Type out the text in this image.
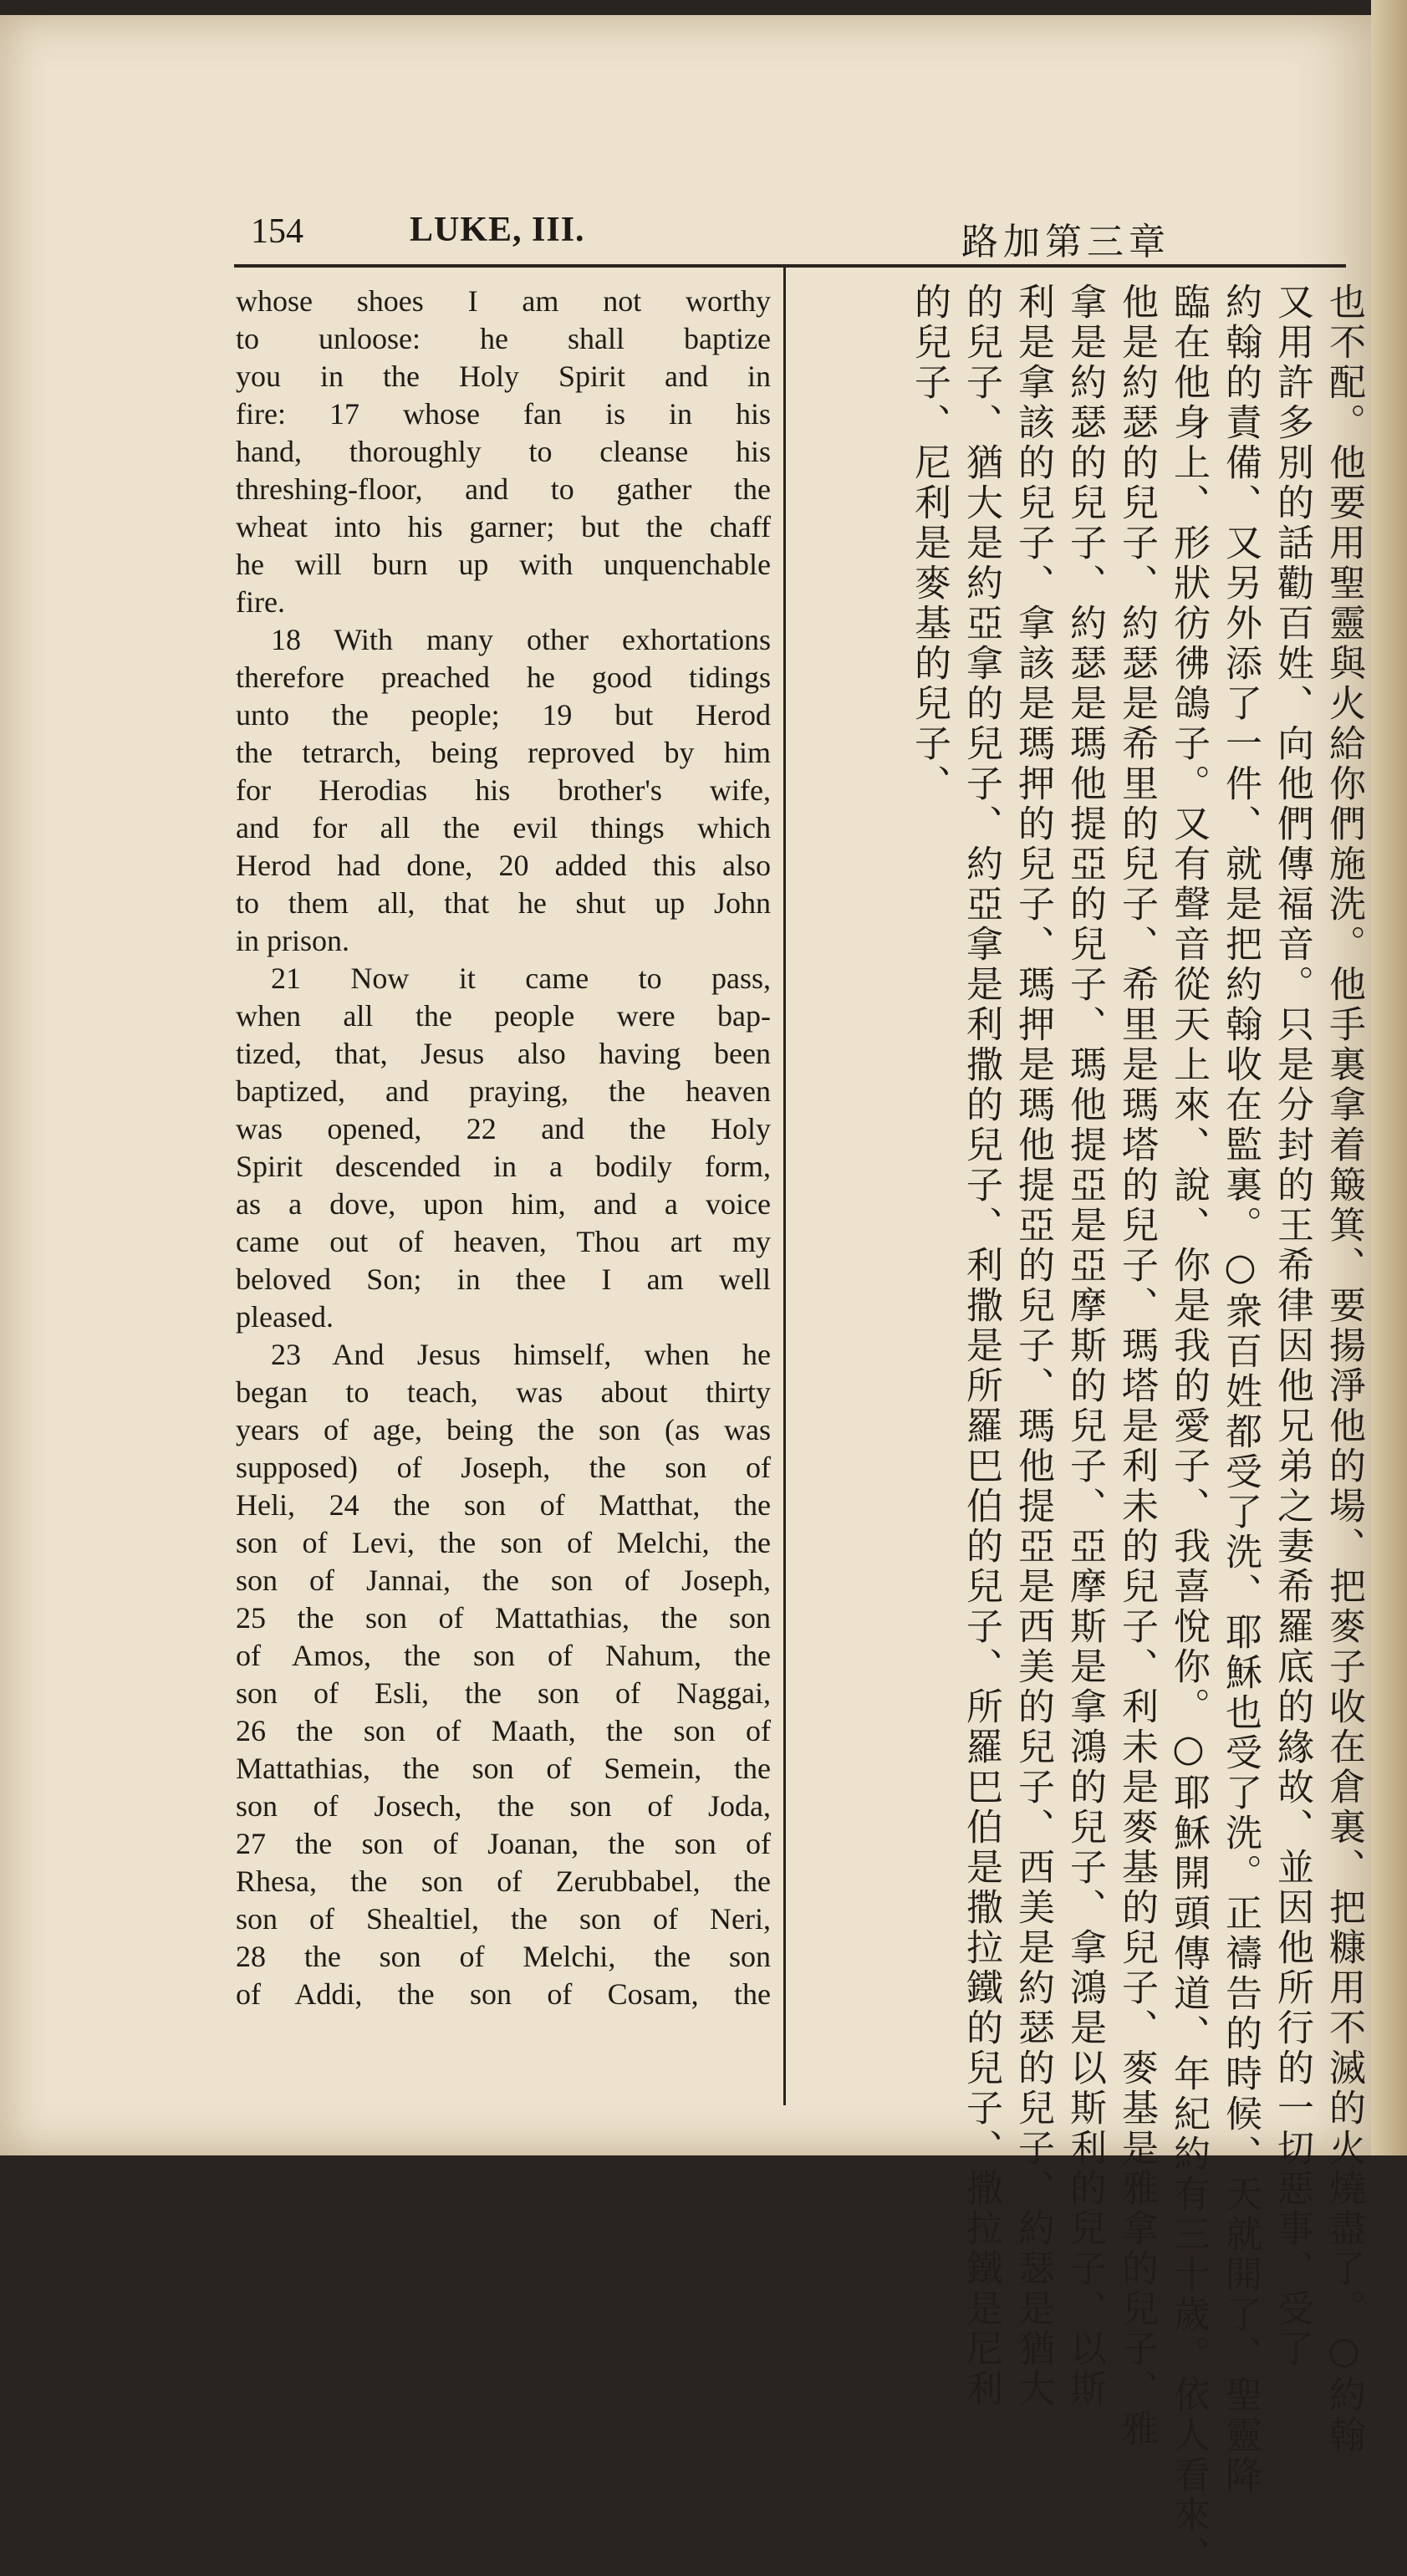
154	LUKE, III.	路加第三章
whose shoes I am not worthy
to unloose: he shall baptize
you in the Holy Spirit and in
fire: 17 whose fan is in his
hand, thoroughly to cleanse his
threshing-floor, and to gather the
wheat into his garner; but the chaff
he will burn up with unquenchable
fire.
18 With many other exhortations
therefore preached he good tidings
unto the people; 19 but Herod
the tetrarch, being reproved by him
for Herodias his brother's wife,
and for all the evil things which
Herod had done, 20 added this also
to them all, that he shut up John
in prison.
21 Now it came to pass,
when all the people were bap-
tized, that, Jesus also having been
baptized, and praying, the heaven
was opened, 22 and the Holy
Spirit descended in a bodily form,
as a dove, upon him, and a voice
came out of heaven, Thou art my
beloved Son; in thee I am well
pleased.
23 And Jesus himself, when he
began to teach, was about thirty
years of age, being the son (as was
supposed) of Joseph, the son of
Heli, 24 the son of Matthat, the
son of Levi, the son of Melchi, the
son of Jannai, the son of Joseph,
25 the son of Mattathias, the son
of Amos, the son of Nahum, the
son of Esli, the son of Naggai,
26 the son of Maath, the son of
Mattathias, the son of Semein, the
son of Josech, the son of Joda,
27 the son of Joanan, the son of
Rhesa, the son of Zerubbabel, the
son of Shealtiel, the son of Neri,
28 the son of Melchi, the son
of Addi, the son of Cosam, the	也不配。他要用聖靈與火給你們施洗。他手裏拿着簸箕、要揚淨他的場、把麥子收在倉裏、把糠用不滅的火燒盡了。○約翰
又用許多別的話勸百姓、向他們傳福音。只是分封的王希律因他兄弟之妻希羅底的緣故、並因他所行的一切惡事、受了
約翰的責備、又另外添了一件、就是把約翰收在監裏。○衆百姓都受了洗、耶穌也受了洗。正禱告的時候、天就開了、聖靈降
臨在他身上、形狀彷彿鴿子。又有聲音從天上來、說、你是我的愛子、我喜悅你。○耶穌開頭傳道、年紀約有三十歲。依人看來、
他是約瑟的兒子、約瑟是希里的兒子、希里是瑪塔的兒子、瑪塔是利未的兒子、利未是麥基的兒子、麥基是雅拿的兒子、雅
拿是約瑟的兒子、約瑟是瑪他提亞的兒子、瑪他提亞是亞摩斯的兒子、亞摩斯是拿鴻的兒子、拿鴻是以斯利的兒子、以斯
利是拿該的兒子、拿該是瑪押的兒子、瑪押是瑪他提亞的兒子、瑪他提亞是西美的兒子、西美是約瑟的兒子、約瑟是猶大
的兒子、猶大是約亞拿的兒子、約亞拿是利撒的兒子、利撒是所羅巴伯的兒子、所羅巴伯是撒拉鐵的兒子、撒拉鐵是尼利
的兒子、尼利是麥基的兒子、
